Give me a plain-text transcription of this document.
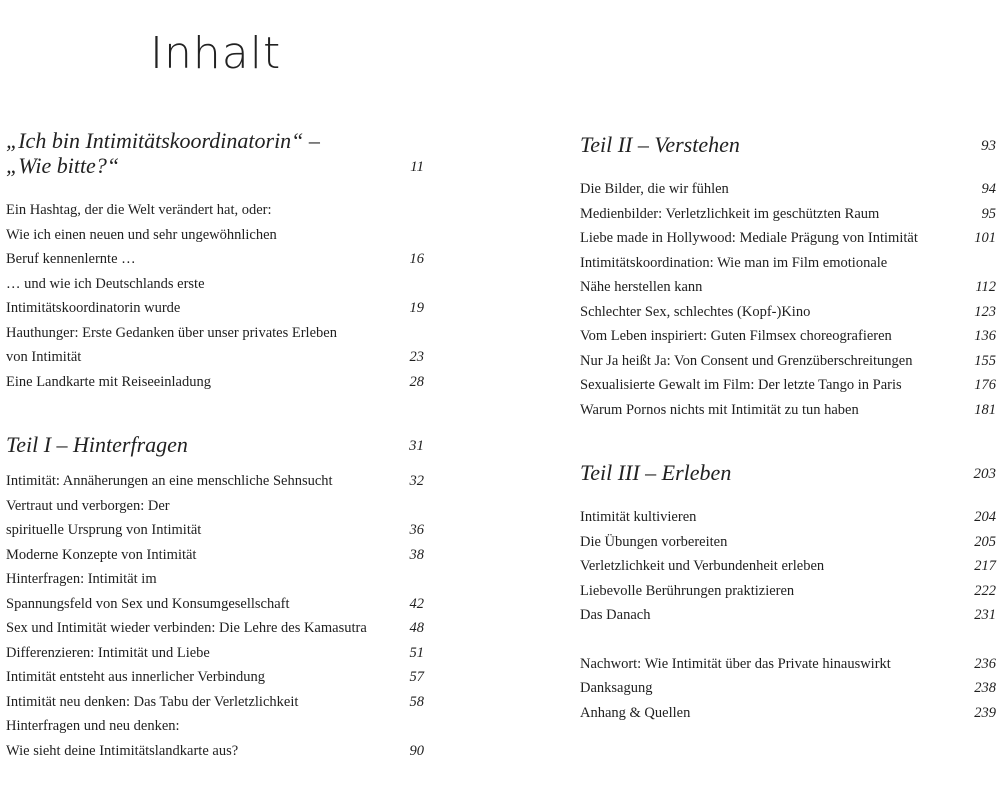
Inhalt
„Ich bin Intimitätskoordinatorin“ –
„Wie bitte?“	11
Ein Hashtag, der die Welt verändert hat, oder:
Wie ich einen neuen und sehr ungewöhnlichen
Beruf kennenlernte …	16
… und wie ich Deutschlands erste
Intimitätskoordinatorin wurde	19
Hauthunger: Erste Gedanken über unser privates Erleben
von Intimität	23
Eine Landkarte mit Reiseeinladung	28
Teil I – Hinterfragen	31
Intimität: Annäherungen an eine menschliche Sehnsucht	32
Vertraut und verborgen: Der
spirituelle Ursprung von Intimität	36
Moderne Konzepte von Intimität	38
Hinterfragen: Intimität im
Spannungsfeld von Sex und Konsumgesellschaft	42
Sex und Intimität wieder verbinden: Die Lehre des Kamasutra	48
Differenzieren: Intimität und Liebe	51
Intimität entsteht aus innerlicher Verbindung	57
Intimität neu denken: Das Tabu der Verletzlichkeit	58
Hinterfragen und neu denken:
Wie sieht deine Intimitätslandkarte aus?	90
Teil II – Verstehen	93
Die Bilder, die wir fühlen	94
Medienbilder: Verletzlichkeit im geschützten Raum	95
Liebe made in Hollywood: Mediale Prägung von Intimität	101
Intimitätskoordination: Wie man im Film emotionale
Nähe herstellen kann	112
Schlechter Sex, schlechtes (Kopf-)Kino	123
Vom Leben inspiriert: Guten Filmsex choreografieren	136
Nur Ja heißt Ja: Von Consent und Grenzüberschreitungen	155
Sexualisierte Gewalt im Film: Der letzte Tango in Paris	176
Warum Pornos nichts mit Intimität zu tun haben	181
Teil III – Erleben	203
Intimität kultivieren	204
Die Übungen vorbereiten	205
Verletzlichkeit und Verbundenheit erleben	217
Liebevolle Berührungen praktizieren	222
Das Danach	231
Nachwort: Wie Intimität über das Private hinauswirkt	236
Danksagung	238
Anhang & Quellen	239
